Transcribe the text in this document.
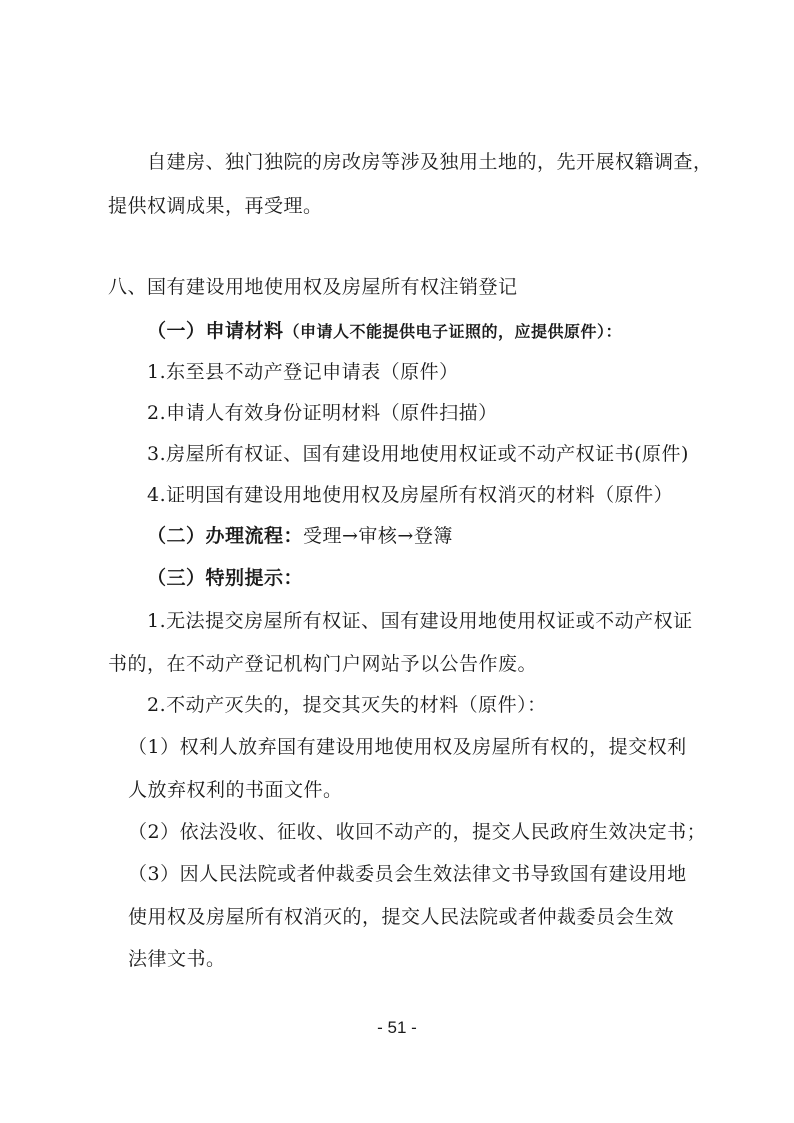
自建房、独门独院的房改房等涉及独用土地的，先开展权籍调查，
提供权调成果，再受理。
八、国有建设用地使用权及房屋所有权注销登记
（一）申请材料（申请人不能提供电子证照的，应提供原件）：
1.东至县不动产登记申请表（原件）
2.申请人有效身份证明材料（原件扫描）
3.房屋所有权证、国有建设用地使用权证或不动产权证书(原件)
4.证明国有建设用地使用权及房屋所有权消灭的材料（原件）
（二）办理流程：受理→审核→登簿
（三）特别提示：
1.无法提交房屋所有权证、国有建设用地使用权证或不动产权证
书的，在不动产登记机构门户网站予以公告作废。
2.不动产灭失的，提交其灭失的材料（原件）：
（1）权利人放弃国有建设用地使用权及房屋所有权的，提交权利
人放弃权利的书面文件。
（2）依法没收、征收、收回不动产的，提交人民政府生效决定书；
（3）因人民法院或者仲裁委员会生效法律文书导致国有建设用地
使用权及房屋所有权消灭的，提交人民法院或者仲裁委员会生效
法律文书。
- 51 -
